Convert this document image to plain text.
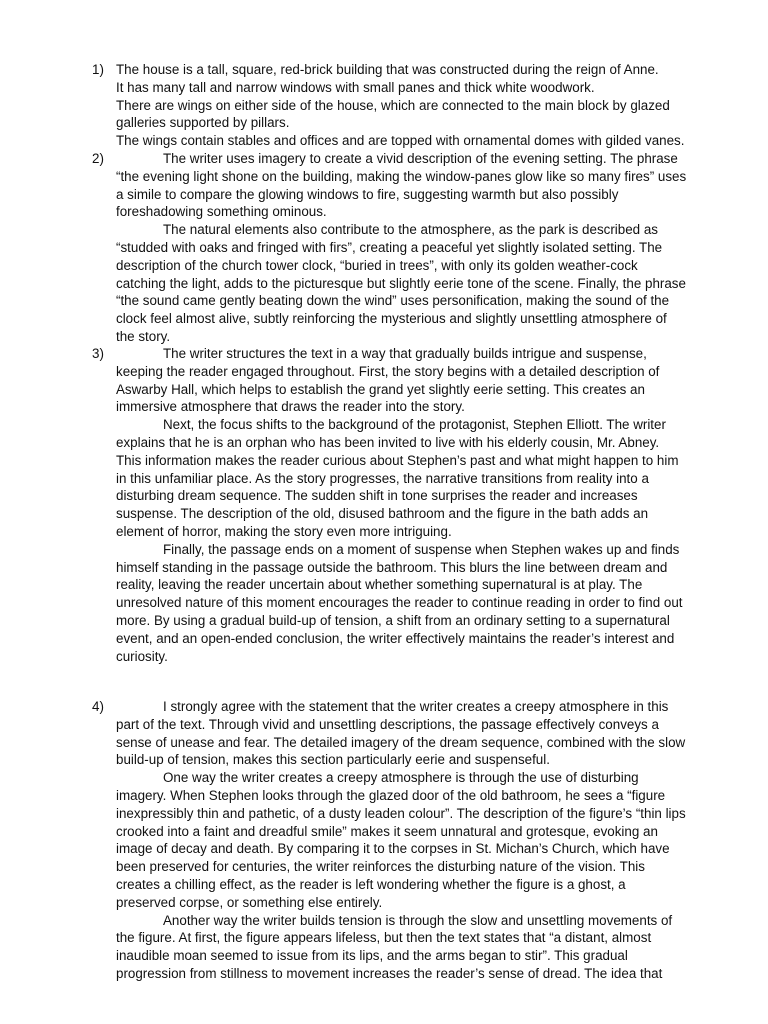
1) The house is a tall, square, red-brick building that was constructed during the reign of Anne.
It has many tall and narrow windows with small panes and thick white woodwork.
There are wings on either side of the house, which are connected to the main block by glazed
galleries supported by pillars.
The wings contain stables and offices and are topped with ornamental domes with gilded vanes.
2)	The writer uses imagery to create a vivid description of the evening setting. The phrase
“the evening light shone on the building, making the window-panes glow like so many fires” uses
a simile to compare the glowing windows to fire, suggesting warmth but also possibly
foreshadowing something ominous.
The natural elements also contribute to the atmosphere, as the park is described as
“studded with oaks and fringed with firs”, creating a peaceful yet slightly isolated setting. The
description of the church tower clock, “buried in trees”, with only its golden weather-cock
catching the light, adds to the picturesque but slightly eerie tone of the scene. Finally, the phrase
“the sound came gently beating down the wind” uses personification, making the sound of the
clock feel almost alive, subtly reinforcing the mysterious and slightly unsettling atmosphere of
the story.
3)	The writer structures the text in a way that gradually builds intrigue and suspense,
keeping the reader engaged throughout. First, the story begins with a detailed description of
Aswarby Hall, which helps to establish the grand yet slightly eerie setting. This creates an
immersive atmosphere that draws the reader into the story.
Next, the focus shifts to the background of the protagonist, Stephen Elliott. The writer
explains that he is an orphan who has been invited to live with his elderly cousin, Mr. Abney.
This information makes the reader curious about Stephen’s past and what might happen to him
in this unfamiliar place. As the story progresses, the narrative transitions from reality into a
disturbing dream sequence. The sudden shift in tone surprises the reader and increases
suspense. The description of the old, disused bathroom and the figure in the bath adds an
element of horror, making the story even more intriguing.
Finally, the passage ends on a moment of suspense when Stephen wakes up and finds
himself standing in the passage outside the bathroom. This blurs the line between dream and
reality, leaving the reader uncertain about whether something supernatural is at play. The
unresolved nature of this moment encourages the reader to continue reading in order to find out
more. By using a gradual build-up of tension, a shift from an ordinary setting to a supernatural
event, and an open-ended conclusion, the writer effectively maintains the reader’s interest and
curiosity.
4)	I strongly agree with the statement that the writer creates a creepy atmosphere in this
part of the text. Through vivid and unsettling descriptions, the passage effectively conveys a
sense of unease and fear. The detailed imagery of the dream sequence, combined with the slow
build-up of tension, makes this section particularly eerie and suspenseful.
One way the writer creates a creepy atmosphere is through the use of disturbing
imagery. When Stephen looks through the glazed door of the old bathroom, he sees a “figure
inexpressibly thin and pathetic, of a dusty leaden colour”. The description of the figure’s “thin lips
crooked into a faint and dreadful smile” makes it seem unnatural and grotesque, evoking an
image of decay and death. By comparing it to the corpses in St. Michan’s Church, which have
been preserved for centuries, the writer reinforces the disturbing nature of the vision. This
creates a chilling effect, as the reader is left wondering whether the figure is a ghost, a
preserved corpse, or something else entirely.
Another way the writer builds tension is through the slow and unsettling movements of
the figure. At first, the figure appears lifeless, but then the text states that “a distant, almost
inaudible moan seemed to issue from its lips, and the arms began to stir”. This gradual
progression from stillness to movement increases the reader’s sense of dread. The idea that
